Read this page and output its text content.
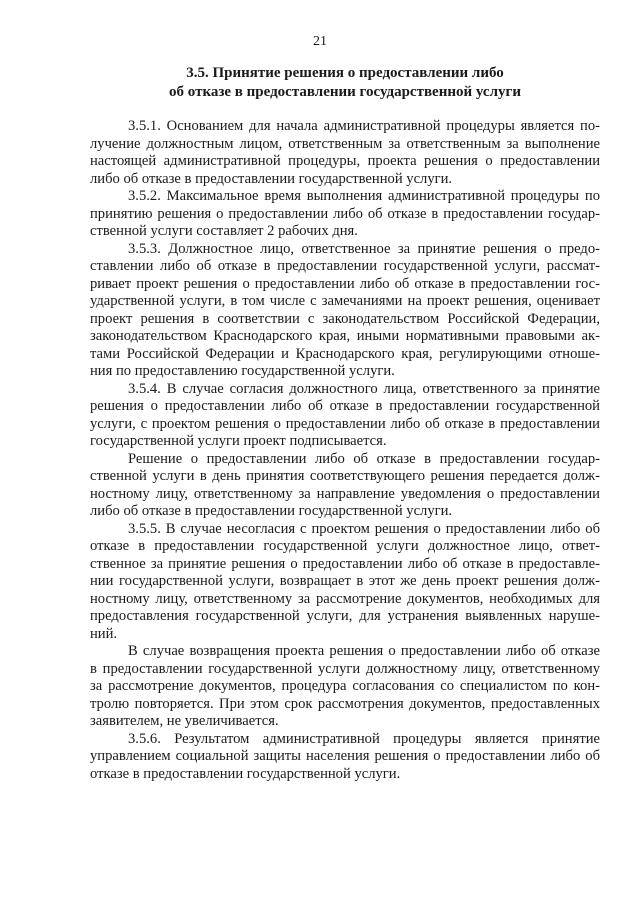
21
3.5. Принятие решения о предоставлении либо
об отказе в предоставлении государственной услуги
3.5.1. Основанием для начала административной процедуры является по-
лучение должностным лицом, ответственным за ответственным за выполнение
настоящей административной процедуры, проекта решения о предоставлении
либо об отказе в предоставлении государственной услуги.
3.5.2. Максимальное время выполнения административной процедуры по
принятию решения о предоставлении либо об отказе в предоставлении государ-
ственной услуги составляет 2 рабочих дня.
3.5.3. Должностное лицо, ответственное за принятие решения о предо-
ставлении либо об отказе в предоставлении государственной услуги, рассмат-
ривает проект решения о предоставлении либо об отказе в предоставлении гос-
ударственной услуги, в том числе с замечаниями на проект решения, оценивает
проект решения в соответствии с законодательством Российской Федерации,
законодательством Краснодарского края, иными нормативными правовыми ак-
тами Российской Федерации и Краснодарского края, регулирующими отноше-
ния по предоставлению государственной услуги.
3.5.4. В случае согласия должностного лица, ответственного за принятие
решения о предоставлении либо об отказе в предоставлении государственной
услуги, с проектом решения о предоставлении либо об отказе в предоставлении
государственной услуги проект подписывается.
Решение о предоставлении либо об отказе в предоставлении государ-
ственной услуги в день принятия соответствующего решения передается долж-
ностному лицу, ответственному за направление уведомления о предоставлении
либо об отказе в предоставлении государственной услуги.
3.5.5. В случае несогласия с проектом решения о предоставлении либо об
отказе в предоставлении государственной услуги должностное лицо, ответ-
ственное за принятие решения о предоставлении либо об отказе в предоставле-
нии государственной услуги, возвращает в этот же день проект решения долж-
ностному лицу, ответственному за рассмотрение документов, необходимых для
предоставления государственной услуги, для устранения выявленных наруше-
ний.
В случае возвращения проекта решения о предоставлении либо об отказе
в предоставлении государственной услуги должностному лицу, ответственному
за рассмотрение документов, процедура согласования со специалистом по кон-
тролю повторяется. При этом срок рассмотрения документов, предоставленных
заявителем, не увеличивается.
3.5.6. Результатом административной процедуры является принятие
управлением социальной защиты населения решения о предоставлении либо об
отказе в предоставлении государственной услуги.
